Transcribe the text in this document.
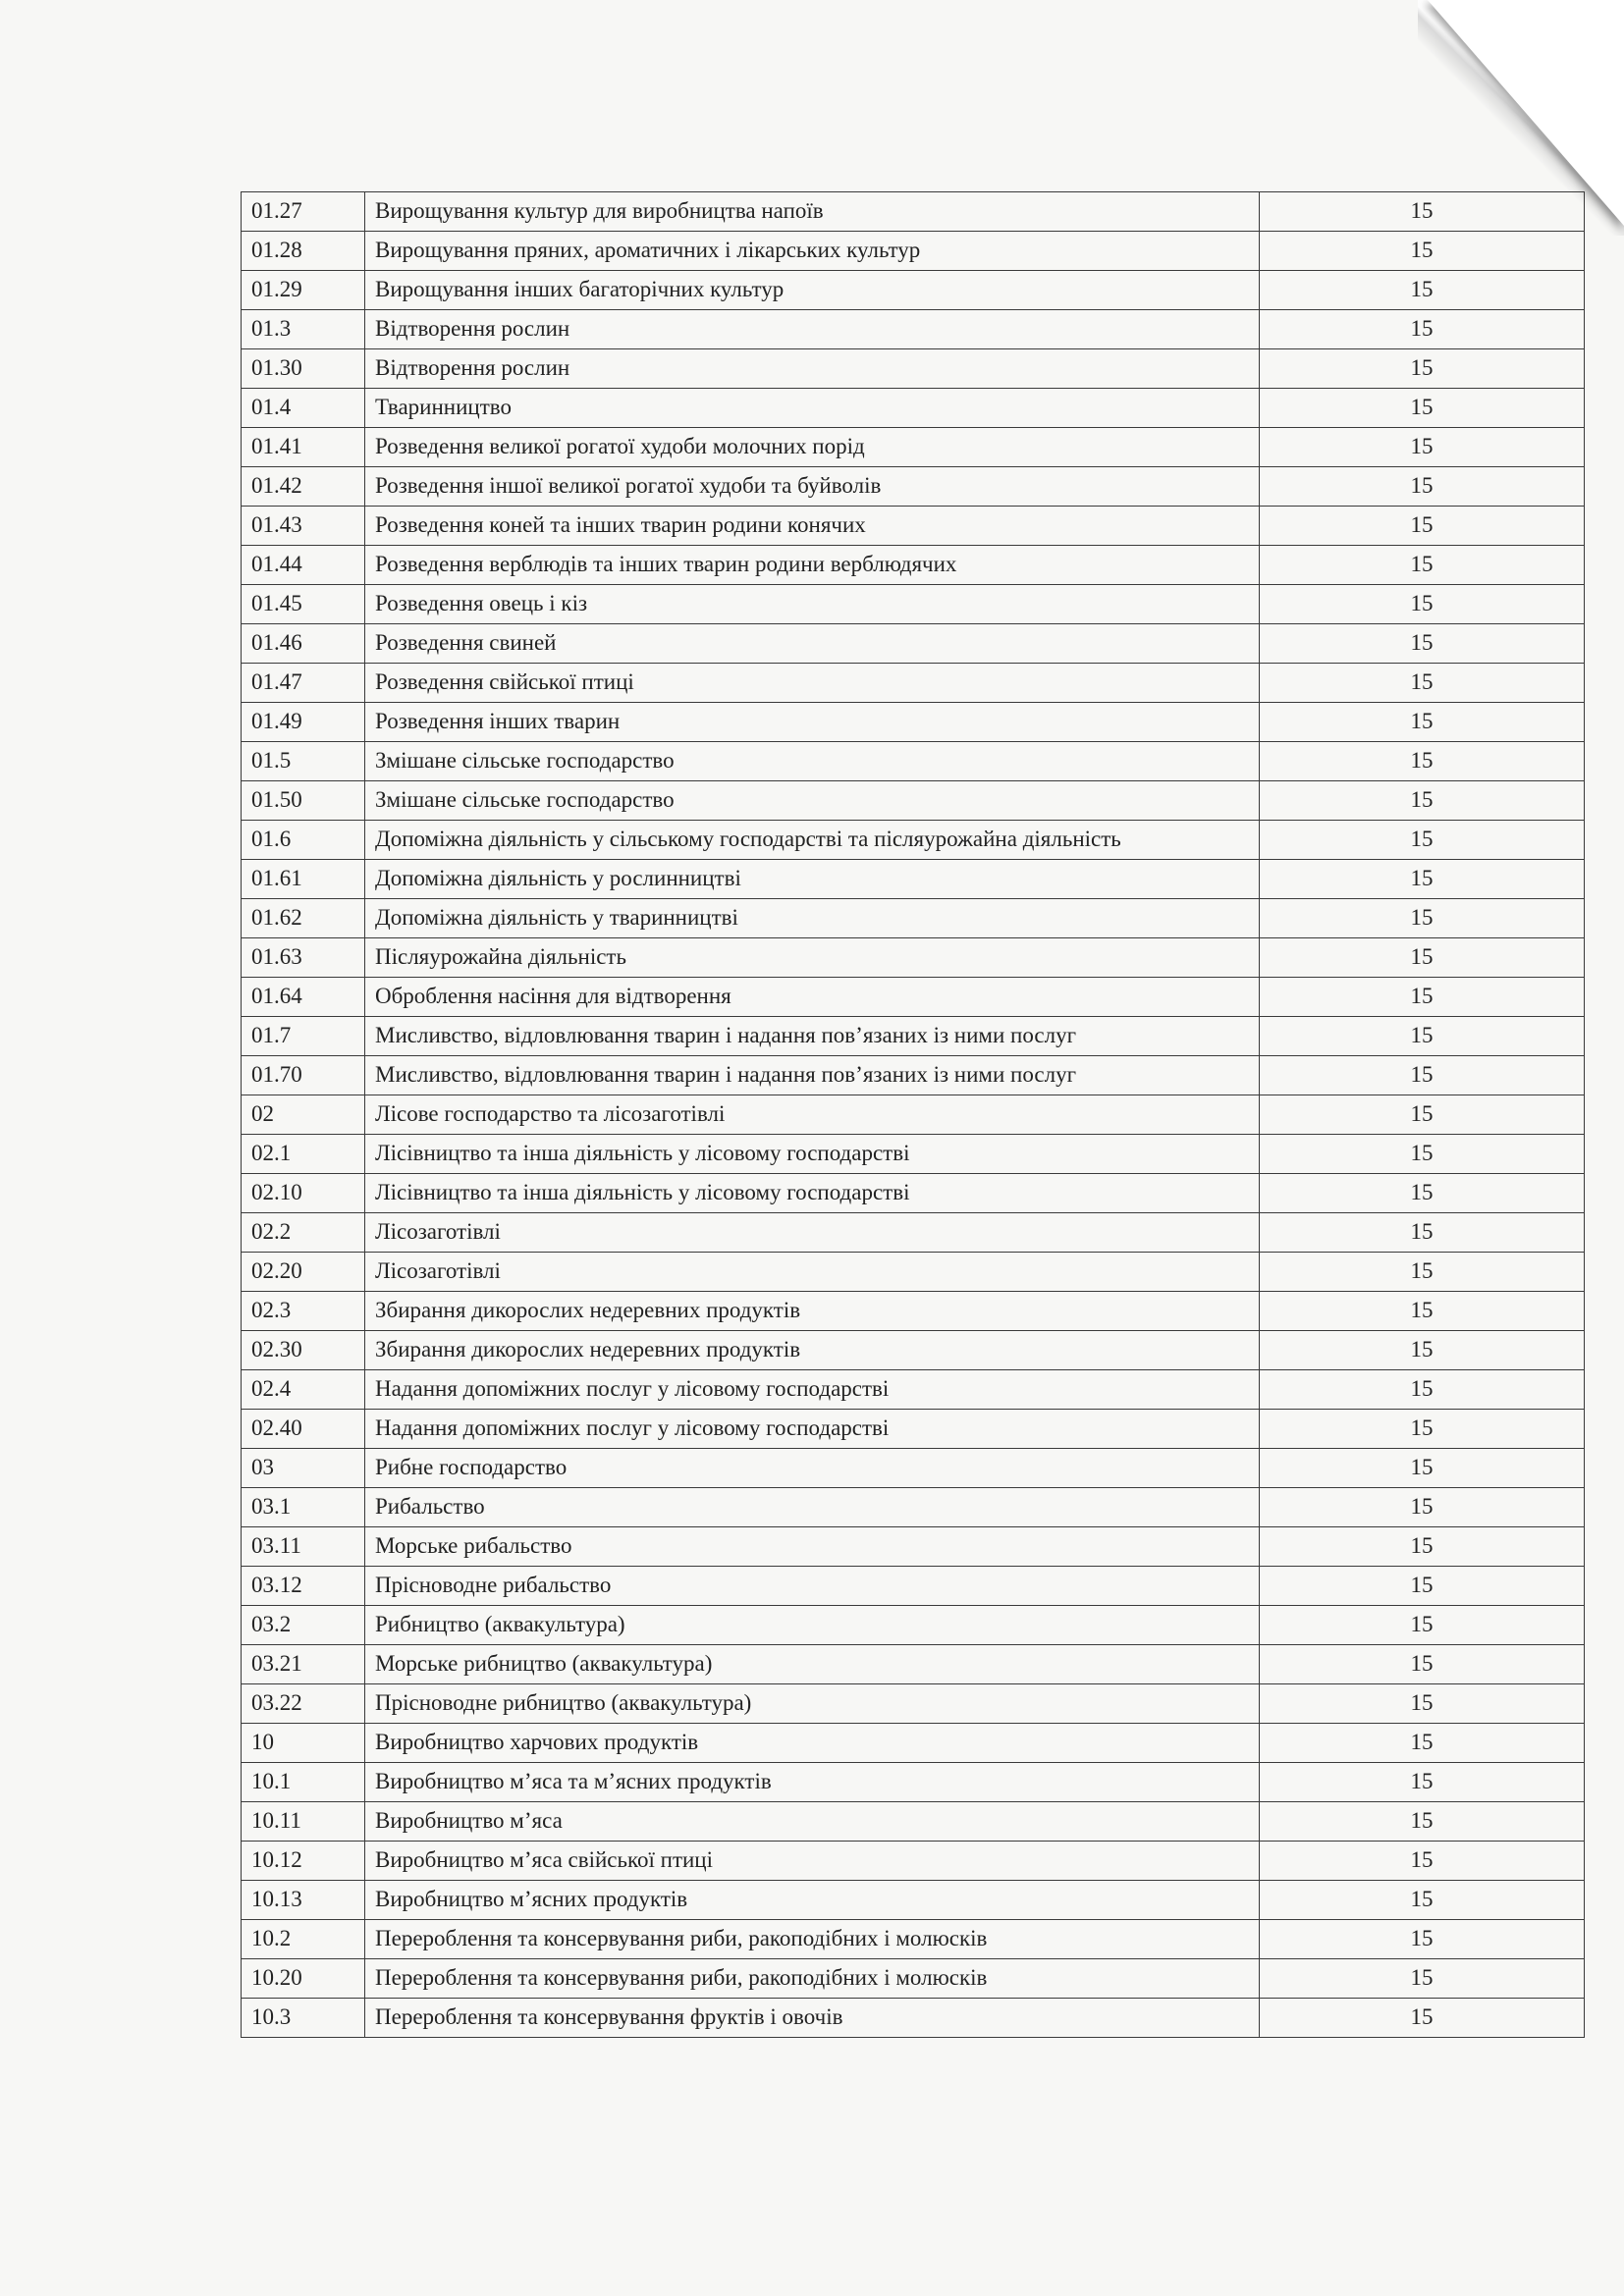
01.27	Вирощування культур для виробництва напоїв	15
01.28	Вирощування пряних, ароматичних і лікарських культур	15
01.29	Вирощування інших багаторічних культур	15
01.3	Відтворення рослин	15
01.30	Відтворення рослин	15
01.4	Тваринництво	15
01.41	Розведення великої рогатої худоби молочних порід	15
01.42	Розведення іншої великої рогатої худоби та буйволів	15
01.43	Розведення коней та інших тварин родини конячих	15
01.44	Розведення верблюдів та інших тварин родини верблюдячих	15
01.45	Розведення овець і кіз	15
01.46	Розведення свиней	15
01.47	Розведення свійської птиці	15
01.49	Розведення інших тварин	15
01.5	Змішане сільське господарство	15
01.50	Змішане сільське господарство	15
01.6	Допоміжна діяльність у сільському господарстві та післяурожайна діяльність	15
01.61	Допоміжна діяльність у рослинництві	15
01.62	Допоміжна діяльність у тваринництві	15
01.63	Післяурожайна діяльність	15
01.64	Оброблення насіння для відтворення	15
01.7	Мисливство, відловлювання тварин і надання пов’язаних із ними послуг	15
01.70	Мисливство, відловлювання тварин і надання пов’язаних із ними послуг	15
02	Лісове господарство та лісозаготівлі	15
02.1	Лісівництво та інша діяльність у лісовому господарстві	15
02.10	Лісівництво та інша діяльність у лісовому господарстві	15
02.2	Лісозаготівлі	15
02.20	Лісозаготівлі	15
02.3	Збирання дикорослих недеревних продуктів	15
02.30	Збирання дикорослих недеревних продуктів	15
02.4	Надання допоміжних послуг у лісовому господарстві	15
02.40	Надання допоміжних послуг у лісовому господарстві	15
03	Рибне господарство	15
03.1	Рибальство	15
03.11	Морське рибальство	15
03.12	Прісноводне рибальство	15
03.2	Рибництво (аквакультура)	15
03.21	Морське рибництво (аквакультура)	15
03.22	Прісноводне рибництво (аквакультура)	15
10	Виробництво харчових продуктів	15
10.1	Виробництво м’яса та м’ясних продуктів	15
10.11	Виробництво м’яса	15
10.12	Виробництво м’яса свійської птиці	15
10.13	Виробництво м’ясних продуктів	15
10.2	Перероблення та консервування риби, ракоподібних і молюсків	15
10.20	Перероблення та консервування риби, ракоподібних і молюсків	15
10.3	Перероблення та консервування фруктів і овочів	15
